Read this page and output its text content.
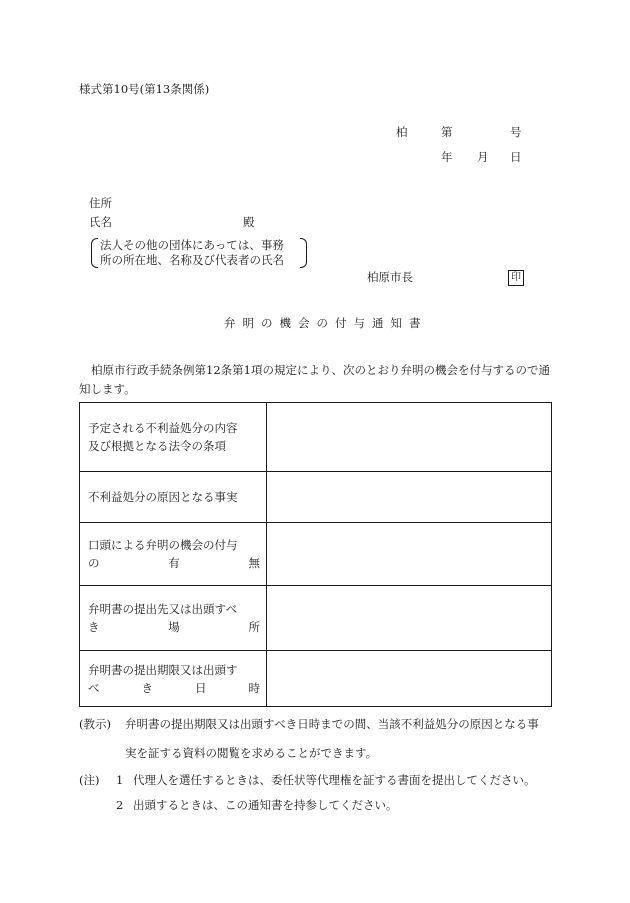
様式第10号(第13条関係)
柏	第	号
年 月 日
住所
氏名	殿
法人その他の団体にあっては、事務
所の所在地、名称及び代表者の氏名
柏原市長	印
弁明の機会の付与通知書
柏原市行政手続条例第12条第1項の規定により、次のとおり弁明の機会を付与するので通知します。
予定される不利益処分の内容
及び根拠となる法令の条項	

不利益処分の原因となる事実	

口頭による弁明の機会の付与
の 有 無	

弁明書の提出先又は出頭すべ
き 場 所	

弁明書の提出期限又は出頭す
べ き 日 時	

(教示) 弁明書の提出期限又は出頭すべき日時までの間、当該不利益処分の原因となる事
実を証する資料の閲覧を求めることができます。
(注) 1 代理人を選任するときは、委任状等代理権を証する書面を提出してください。
2 出頭するときは、この通知書を持参してください。
